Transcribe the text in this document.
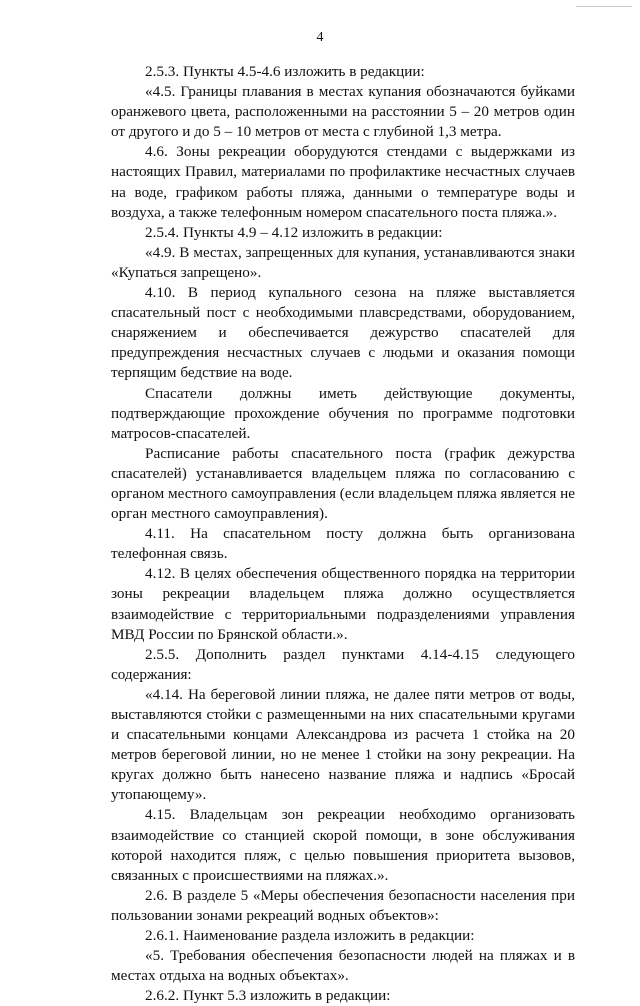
4

2.5.3. Пункты 4.5-4.6 изложить в редакции:

«4.5. Границы плавания в местах купания обозначаются буйками оранжевого цвета, расположенными на расстоянии 5 – 20 метров один от другого и до 5 – 10 метров от места с глубиной 1,3 метра.

4.6. Зоны рекреации оборудуются стендами с выдержками из настоящих Правил, материалами по профилактике несчастных случаев на воде, графиком работы пляжа, данными о температуре воды и воздуха, а также телефонным номером спасательного поста пляжа.».

2.5.4. Пункты 4.9 – 4.12 изложить в редакции:

«4.9. В местах, запрещенных для купания, устанавливаются знаки «Купаться запрещено».

4.10. В период купального сезона на пляже выставляется спасательный пост с необходимыми плавсредствами, оборудованием, снаряжением и обеспечивается дежурство спасателей для предупреждения несчастных случаев с людьми и оказания помощи терпящим бедствие на воде.

Спасатели должны иметь действующие документы, подтверждающие прохождение обучения по программе подготовки матросов-спасателей.

Расписание работы спасательного поста (график дежурства спасателей) устанавливается владельцем пляжа по согласованию с органом местного самоуправления (если владельцем пляжа является не орган местного самоуправления).

4.11. На спасательном посту должна быть организована телефонная связь.

4.12. В целях обеспечения общественного порядка на территории зоны рекреации владельцем пляжа должно осуществляется взаимодействие с территориальными подразделениями управления МВД России по Брянской области.».

2.5.5. Дополнить раздел пунктами 4.14-4.15 следующего содержания:

«4.14. На береговой линии пляжа, не далее пяти метров от воды, выставляются стойки с размещенными на них спасательными кругами и спасательными концами Александрова из расчета 1 стойка на 20 метров береговой линии, но не менее 1 стойки на зону рекреации. На кругах должно быть нанесено название пляжа и надпись «Бросай утопающему».

4.15. Владельцам зон рекреации необходимо организовать взаимодействие со станцией скорой помощи, в зоне обслуживания которой находится пляж, с целью повышения приоритета вызовов, связанных с происшествиями на пляжах.».

2.6. В разделе 5 «Меры обеспечения безопасности населения при пользовании зонами рекреаций водных объектов»:

2.6.1. Наименование раздела изложить в редакции:

«5. Требования обеспечения безопасности людей на пляжах и в местах отдыха на водных объектах».

2.6.2. Пункт 5.3 изложить в редакции:
